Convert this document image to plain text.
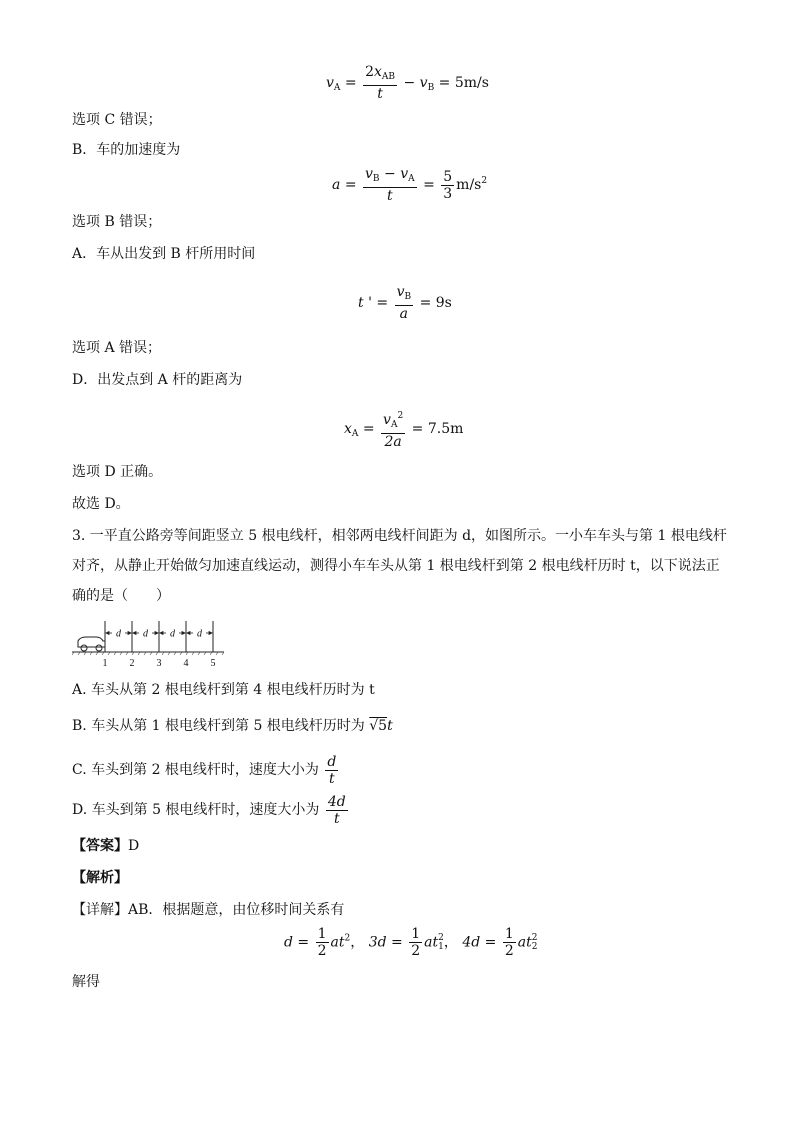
$v_A = \frac{2x_{AB}}{t} - v_B = 5m/s$
选项 C 错误；
B．车的加速度为
$a = \frac{v_B - v_A}{t} = \frac{5}{3} m/s^2$
选项 B 错误；
A．车从出发到 B 杆所用时间
t ' = $\frac{v_B}{a} = 9s$
选项 A 错误；
D．出发点到 A 杆的距离为
$x_A = \frac{v_A^2}{2a} = 7.5m$
选项 D 正确。
故选 D。
3. 一平直公路旁等间距竖立 5 根电线杆，相邻两电线杆间距为 d，如图所示。一小车车头与第 1 根电线杆
对齐，从静止开始做匀加速直线运动，测得小车车头从第 1 根电线杆到第 2 根电线杆历时 t，以下说法正
确的是（　　）
d d d d
1 2 3 4 5
A. 车头从第 2 根电线杆到第 4 根电线杆历时为 t
B. 车头从第 1 根电线杆到第 5 根电线杆历时为 √5t
C. 车头到第 2 根电线杆时，速度大小为 $\frac{d}{t}$
D. 车头到第 5 根电线杆时，速度大小为 $\frac{4d}{t}$
【答案】D
【解析】
【详解】AB．根据题意，由位移时间关系有
$d = \frac{1}{2} at^2$， $3d = \frac{1}{2}$ at 2
1 ， $4d = \frac{1}{2}$ at 2
2
解得
